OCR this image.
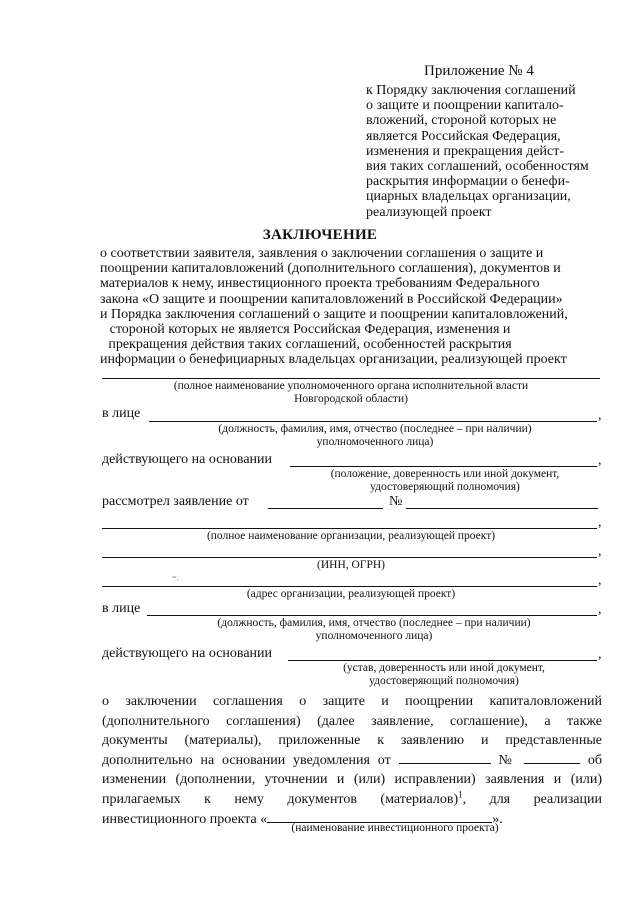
Приложение № 4
к Порядку заключения соглашений
о защите и поощрении капитало-
вложений, стороной которых не
является Российская Федерация,
изменения и прекращения дейст-
вия таких соглашений, особенностям
раскрытия информации о бенефи-
циарных владельцах организации,
реализующей проект
ЗАКЛЮЧЕНИЕ
о соответствии заявителя, заявления о заключении соглашения о защите и
поощрении капиталовложений (дополнительного соглашения), документов и
материалов к нему, инвестиционного проекта требованиям Федерального
закона «О защите и поощрении капиталовложений в Российской Федерации»
и Порядка заключения соглашений о защите и поощрении капиталовложений,
стороной которых не является Российская Федерация, изменения и
прекращения действия таких соглашений, особенностей раскрытия
информации о бенефициарных владельцах организации, реализующей проект
(полное наименование уполномоченного органа исполнительной власти
Новгородской области)
в лице	,
(должность, фамилия, имя, отчество (последнее – при наличии)
уполномоченного лица)
действующего на основании	,
(положение, доверенность или иной документ,
удостоверяющий полномочия)
рассмотрел заявление от	№
,
(полное наименование организации, реализующей проект)
,
(ИНН, ОГРН)
=.	,
(адрес организации, реализующей проект)
в лице	,
(должность, фамилия, имя, отчество (последнее – при наличии)
уполномоченного лица)
действующего на основании	,
(устав, доверенность или иной документ,
удостоверяющий полномочия)
о заключении соглашения о защите и поощрении капиталовложений
(дополнительного соглашения) (далее заявление, соглашение), а также
документы (материалы), приложенные к заявлению и представленные
дополнительно на основании уведомления от	№	об
изменении (дополнении, уточнении и (или) исправлении) заявления и (или)
прилагаемых к нему документов (материалов)$^1$, для реализации
инвестиционного проекта «	».
(наименование инвестиционного проекта)
